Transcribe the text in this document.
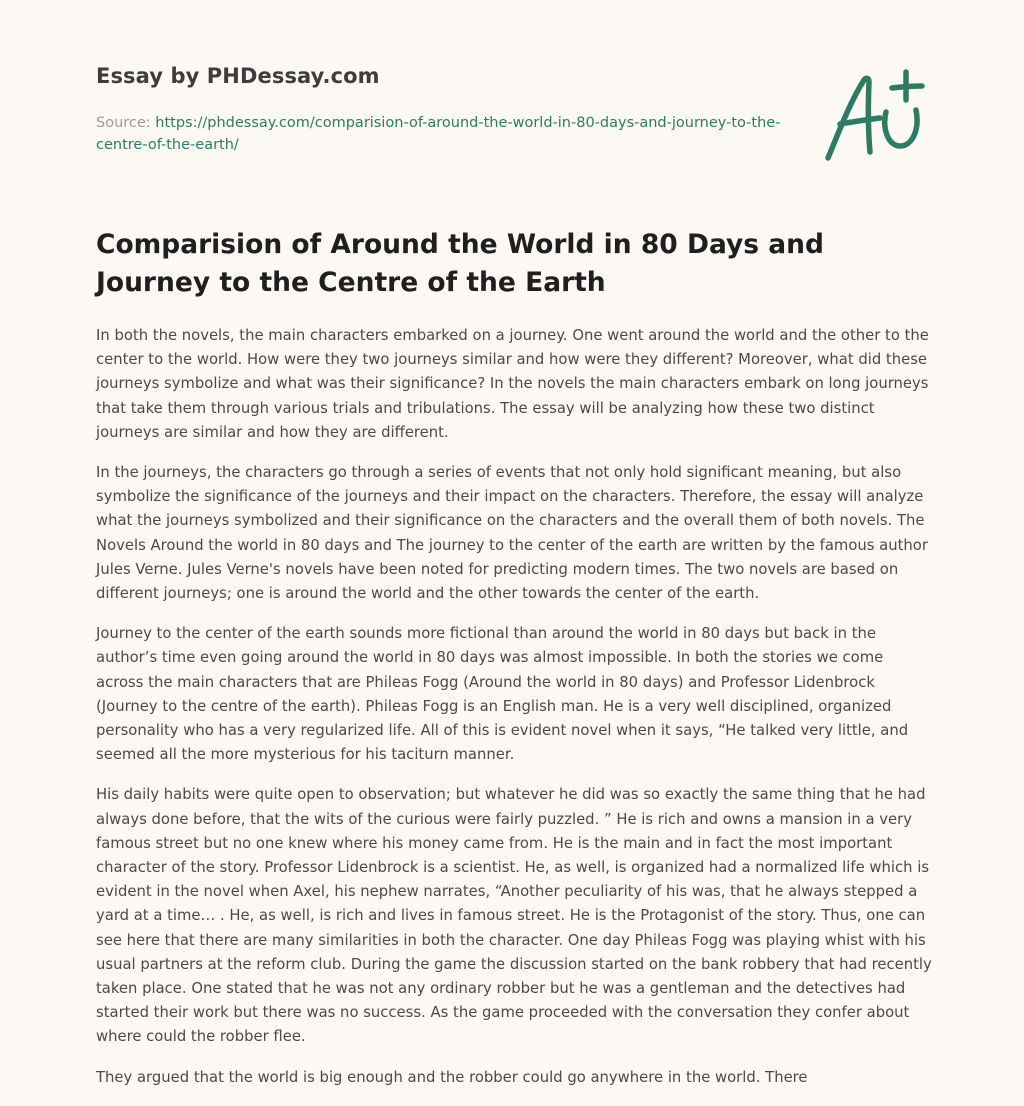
Essay by PHDessay.com
Source: https://phdessay.com/comparision-of-around-the-world-in-80-days-and-journey-to-the-centre-of-the-earth/
Comparision of Around the World in 80 Days and Journey to the Centre of the Earth

In both the novels, the main characters embarked on a journey. One went around the world and the other to the center to the world. How were they two journeys similar and how were they different? Moreover, what did these journeys symbolize and what was their significance? In the novels the main characters embark on long journeys that take them through various trials and tribulations. The essay will be analyzing how these two distinct journeys are similar and how they are different.

In the journeys, the characters go through a series of events that not only hold significant meaning, but also symbolize the significance of the journeys and their impact on the characters. Therefore, the essay will analyze what the journeys symbolized and their significance on the characters and the overall them of both novels. The Novels Around the world in 80 days and The journey to the center of the earth are written by the famous author Jules Verne. Jules Verne's novels have been noted for predicting modern times. The two novels are based on different journeys; one is around the world and the other towards the center of the earth.

Journey to the center of the earth sounds more fictional than around the world in 80 days but back in the author’s time even going around the world in 80 days was almost impossible. In both the stories we come across the main characters that are Phileas Fogg (Around the world in 80 days) and Professor Lidenbrock (Journey to the centre of the earth). Phileas Fogg is an English man. He is a very well disciplined, organized personality who has a very regularized life. All of this is evident novel when it says, “He talked very little, and seemed all the more mysterious for his taciturn manner.

His daily habits were quite open to observation; but whatever he did was so exactly the same thing that he had always done before, that the wits of the curious were fairly puzzled. ” He is rich and owns a mansion in a very famous street but no one knew where his money came from. He is the main and in fact the most important character of the story. Professor Lidenbrock is a scientist. He, as well, is organized had a normalized life which is evident in the novel when Axel, his nephew narrates, “Another peculiarity of his was, that he always stepped a yard at a time… . He, as well, is rich and lives in famous street. He is the Protagonist of the story. Thus, one can see here that there are many similarities in both the character. One day Phileas Fogg was playing whist with his usual partners at the reform club. During the game the discussion started on the bank robbery that had recently taken place. One stated that he was not any ordinary robber but he was a gentleman and the detectives had started their work but there was no success. As the game proceeded with the conversation they confer about where could the robber flee.

They argued that the world is big enough and the robber could go anywhere in the world. There
